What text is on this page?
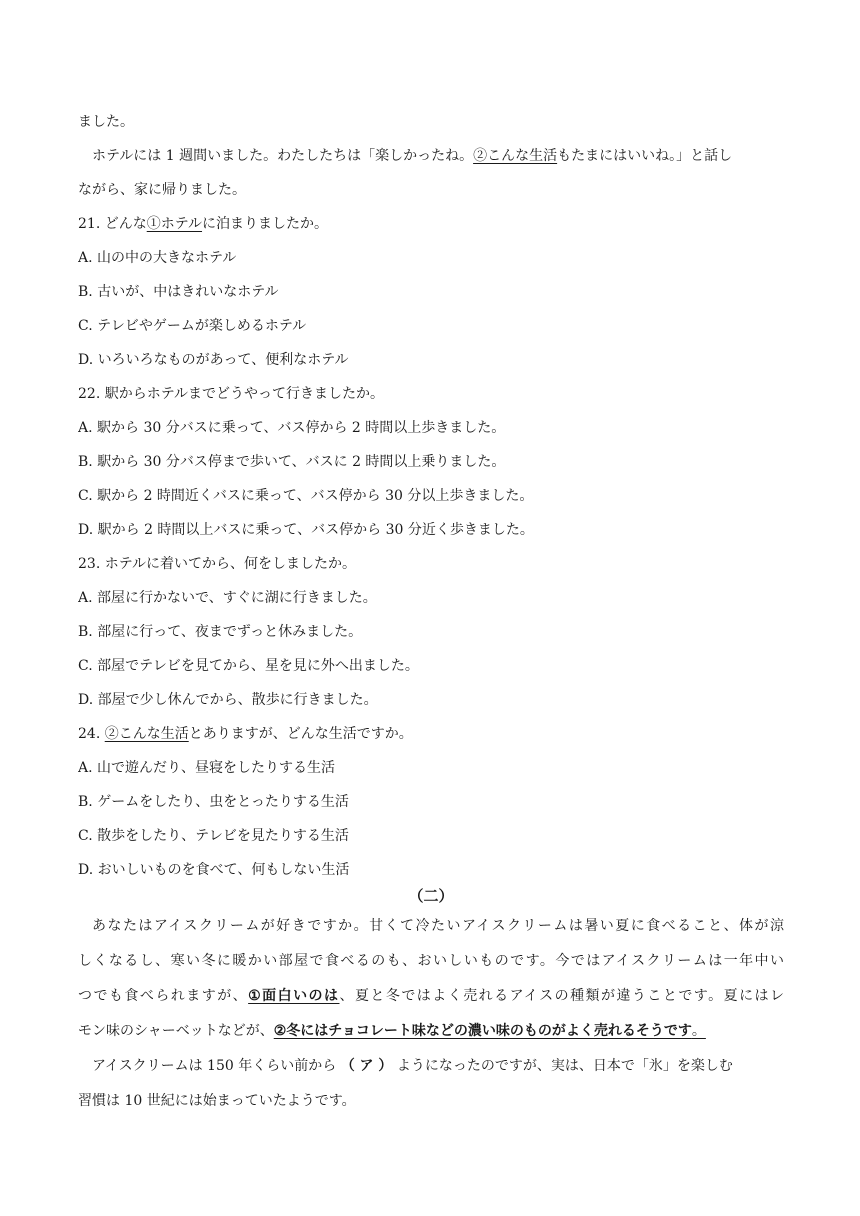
ました。
ホテルには 1 週間いました。わたしたちは「楽しかったね。②こんな生活もたまにはいいね。」と話し
ながら、家に帰りました。
21. どんな①ホテルに泊まりましたか。
A. 山の中の大きなホテル
B. 古いが、中はきれいなホテル
C. テレビやゲームが楽しめるホテル
D. いろいろなものがあって、便利なホテル
22. 駅からホテルまでどうやって行きましたか。
A. 駅から 30 分バスに乗って、バス停から 2 時間以上歩きました。
B. 駅から 30 分バス停まで歩いて、バスに 2 時間以上乗りました。
C. 駅から 2 時間近くバスに乗って、バス停から 30 分以上歩きました。
D. 駅から 2 時間以上バスに乗って、バス停から 30 分近く歩きました。
23. ホテルに着いてから、何をしましたか。
A. 部屋に行かないで、すぐに湖に行きました。
B. 部屋に行って、夜までずっと休みました。
C. 部屋でテレビを見てから、星を見に外へ出ました。
D. 部屋で少し休んでから、散歩に行きました。
24. ②こんな生活とありますが、どんな生活ですか。
A. 山で遊んだり、昼寝をしたりする生活
B. ゲームをしたり、虫をとったりする生活
C. 散歩をしたり、テレビを見たりする生活
D. おいしいものを食べて、何もしない生活
（二）
あなたはアイスクリームが好きですか。甘くて冷たいアイスクリームは暑い夏に食べること、体が涼
しくなるし、寒い冬に暖かい部屋で食べるのも、おいしいものです。今ではアイスクリームは一年中い
つでも食べられますが、①面白いのは、夏と冬ではよく売れるアイスの種類が違うことです。夏にはレ
モン味のシャーベットなどが、②冬にはチョコレート味などの濃い味のものがよく売れるそうです。
アイスクリームは 150 年くらい前から （ ア ） ようになったのですが、実は、日本で「氷」を楽しむ
習慣は 10 世紀には始まっていたようです。
